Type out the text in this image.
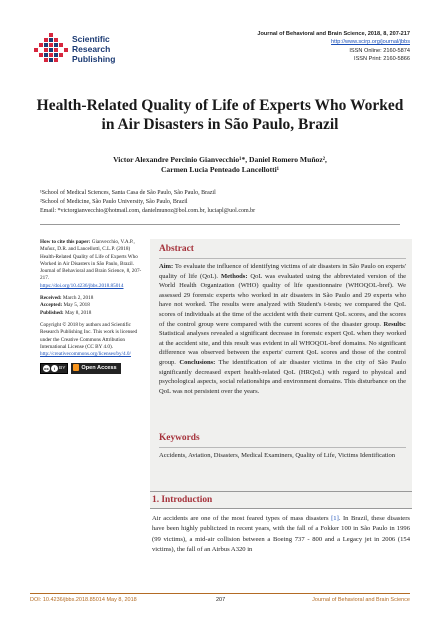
Scientific
Research
Publishing
Journal of Behavioral and Brain Science, 2018, 8, 207-217
http://www.scirp.org/journal/jbbs
ISSN Online: 2160-5874
ISSN Print: 2160-5866
Health-Related Quality of Life of Experts Who Worked in Air Disasters in São Paulo, Brazil
Victor Alexandre Percinio Gianvecchio¹*, Daniel Romero Muñoz²,
Carmen Lucia Penteado Lancellotti¹
¹School of Medical Sciences, Santa Casa de São Paulo, São Paulo, Brazil
²School of Medicine, São Paulo University, São Paulo, Brazil
Email: *victorgianvecchio@hotmail.com, danielmunoz@bol.com.br, luciapl@uol.com.br

How to cite this paper: Gianvecchio, V.A.P., Muñoz, D.R. and Lancellotti, C.L.P. (2018) Health-Related Quality of Life of Experts Who Worked in Air Disasters in São Paulo, Brazil. Journal of Behavioral and Brain Science, 8, 207-217.
https://doi.org/10.4236/jbbs.2018.85014

Received: March 2, 2018
Accepted: May 5, 2018
Published: May 8, 2018

Copyright © 2018 by authors and Scientific Research Publishing Inc. This work is licensed under the Creative Commons Attribution International License (CC BY 4.0).
http://creativecommons.org/licenses/by/4.0/

cc i BY	Open Access
Abstract
Aim: To evaluate the influence of identifying victims of air disasters in São Paulo on experts' quality of life (QoL). Methods: QoL was evaluated using the abbreviated version of the World Health Organization (WHO) quality of life questionnaire (WHOQOL-bref). We assessed 29 forensic experts who worked in air disasters in São Paulo and 29 experts who have not worked. The results were analyzed with Student's t-tests; we compared the QoL scores of individuals at the time of the accident with their current QoL scores, and the scores of the control group were compared with the current scores of the disaster group. Results: Statistical analyses revealed a significant decrease in forensic expert QoL when they worked at the accident site, and this result was evident in all WHOQOL-bref domains. No significant difference was observed between the experts' current QoL scores and those of the control group. Conclusions: The identification of air disaster victims in the city of São Paulo significantly decreased expert health-related QoL (HRQoL) with regard to physical and psychological aspects, social relationships and environment domains. This disturbance on the QoL was not persistent over the years.
Keywords
Accidents, Aviation, Disasters, Medical Examiners, Quality of Life, Victims Identification
1. Introduction
Air accidents are one of the most feared types of mass disasters [1]. In Brazil, these disasters have been highly publicized in recent years, with the fall of a Fokker 100 in São Paulo in 1996 (99 victims), a mid-air collision between a Boeing 737 - 800 and a Legacy jet in 2006 (154 victims), the fall of an Airbus A320 in
DOI: 10.4236/jbbs.2018.85014 May 8, 2018	207	Journal of Behavioral and Brain Science
